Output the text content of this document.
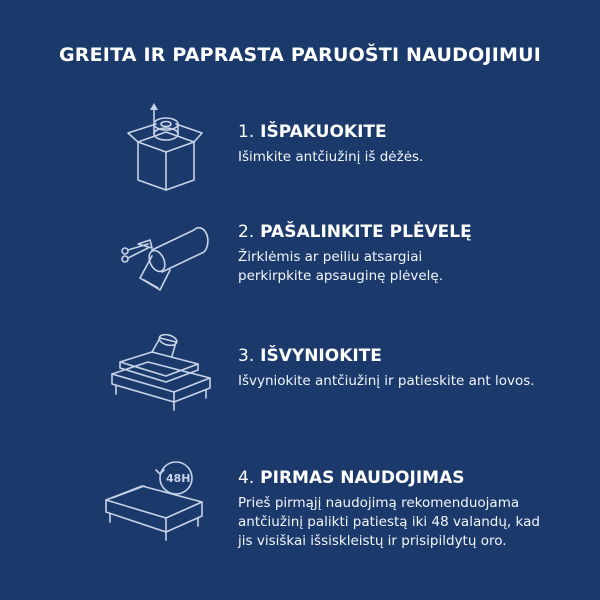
GREITA IR PAPRASTA PARUOŠTI NAUDOJIMUI
1. IŠPAKUOKITE

Išimkite antčiužinį iš dėžės.

2. PAŠALINKITE PLĖVELĘ

Žirklėmis ar peiliu atsargiai
perkirpkite apsauginę plėvelę.

3. IŠVYNIOKITE

Išvyniokite antčiužinį ir patieskite ant lovos.

48H	4. PIRMAS NAUDOJIMAS

Prieš pirmąjį naudojimą rekomenduojama
antčiužinį palikti patiestą iki 48 valandų, kad
jis visiškai išsiskleistų ir prisipildytų oro.
